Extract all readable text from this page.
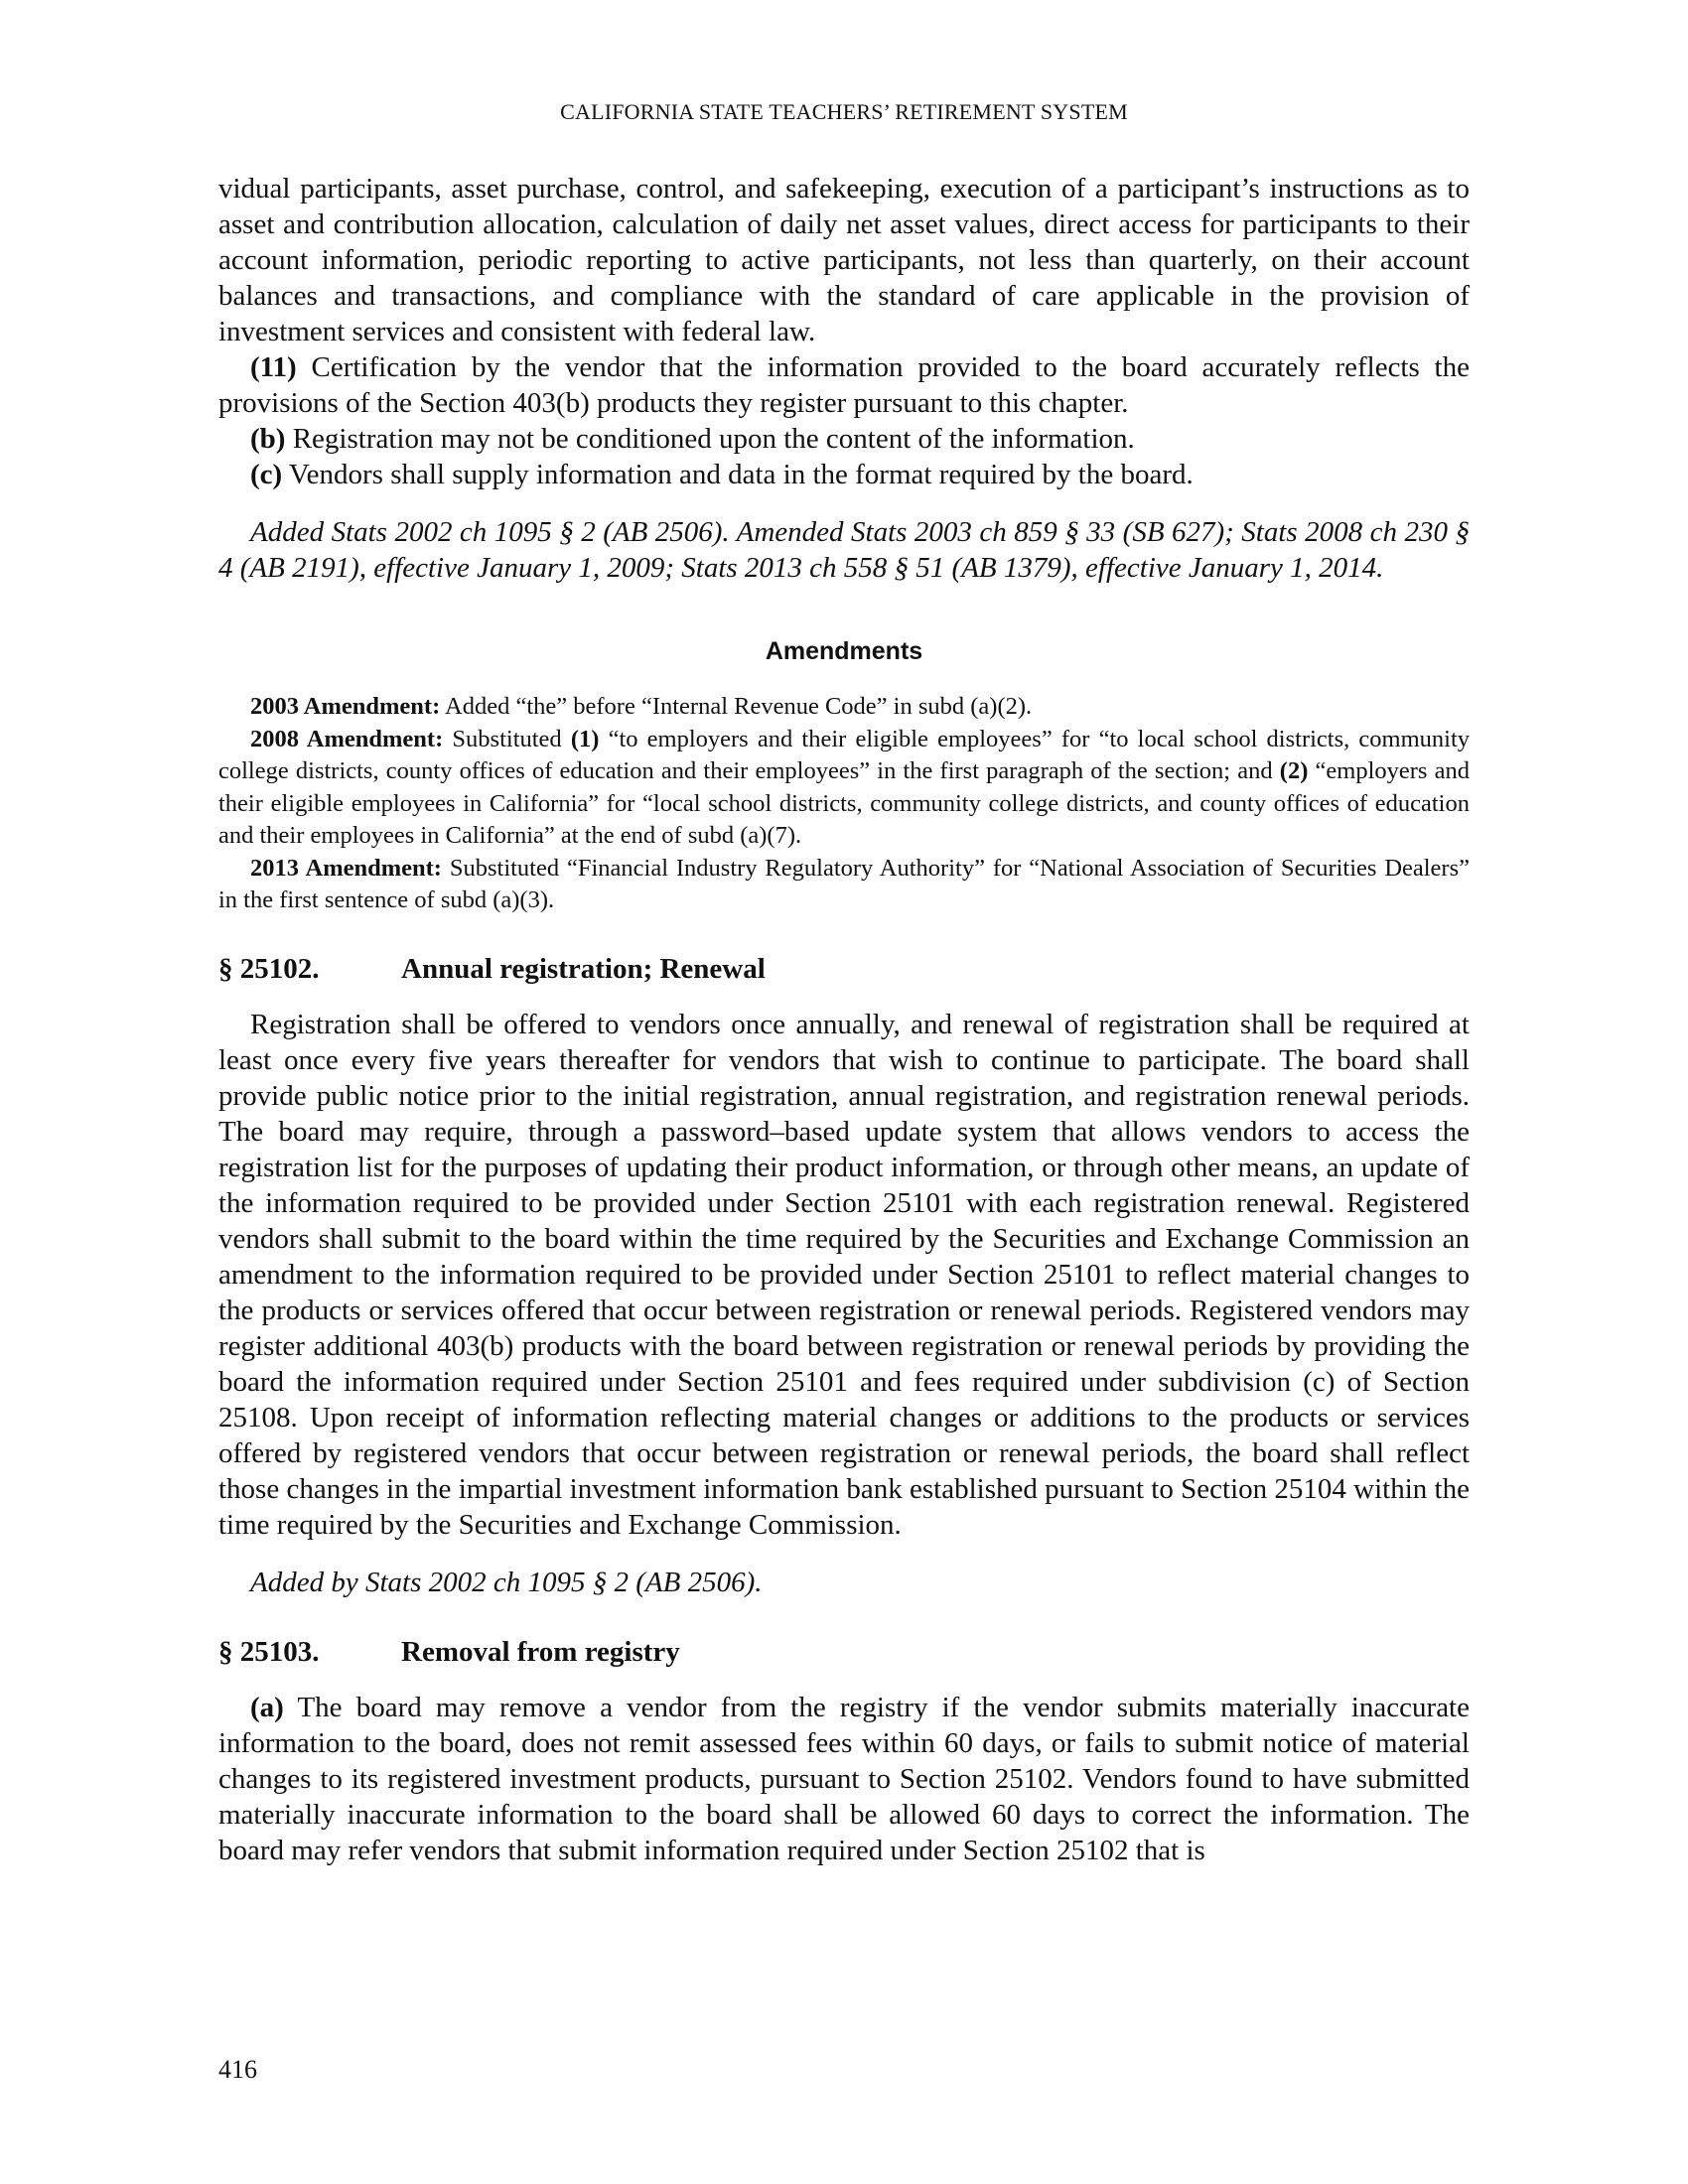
CALIFORNIA STATE TEACHERS’ RETIREMENT SYSTEM

vidual participants, asset purchase, control, and safekeeping, execution of a participant’s instructions as to asset and contribution allocation, calculation of daily net asset values, direct access for participants to their account information, periodic reporting to active participants, not less than quarterly, on their account balances and transactions, and compliance with the standard of care applicable in the provision of investment services and consistent with federal law.

(11) Certification by the vendor that the information provided to the board accurately reflects the provisions of the Section 403(b) products they register pursuant to this chapter.

(b) Registration may not be conditioned upon the content of the information.

(c) Vendors shall supply information and data in the format required by the board.

Added Stats 2002 ch 1095 § 2 (AB 2506). Amended Stats 2003 ch 859 § 33 (SB 627); Stats 2008 ch 230 § 4 (AB 2191), effective January 1, 2009; Stats 2013 ch 558 § 51 (AB 1379), effective January 1, 2014.

Amendments

2003 Amendment: Added “the” before “Internal Revenue Code” in subd (a)(2).

2008 Amendment: Substituted (1) “to employers and their eligible employees” for “to local school districts, community college districts, county offices of education and their employees” in the first paragraph of the section; and (2) “employers and their eligible employees in California” for “local school districts, community college districts, and county offices of education and their employees in California” at the end of subd (a)(7).

2013 Amendment: Substituted “Financial Industry Regulatory Authority” for “National Association of Securities Dealers” in the first sentence of subd (a)(3).

§ 25102.	Annual registration; Renewal

Registration shall be offered to vendors once annually, and renewal of registration shall be required at least once every five years thereafter for vendors that wish to continue to participate. The board shall provide public notice prior to the initial registration, annual registration, and registration renewal periods. The board may require, through a password–based update system that allows vendors to access the registration list for the purposes of updating their product information, or through other means, an update of the information required to be provided under Section 25101 with each registration renewal. Registered vendors shall submit to the board within the time required by the Securities and Exchange Commission an amendment to the information required to be provided under Section 25101 to reflect material changes to the products or services offered that occur between registration or renewal periods. Registered vendors may register additional 403(b) products with the board between registration or renewal periods by providing the board the information required under Section 25101 and fees required under subdivision (c) of Section 25108. Upon receipt of information reflecting material changes or additions to the products or services offered by registered vendors that occur between registration or renewal periods, the board shall reflect those changes in the impartial investment information bank established pursuant to Section 25104 within the time required by the Securities and Exchange Commission.

Added by Stats 2002 ch 1095 § 2 (AB 2506).

§ 25103.	Removal from registry

(a) The board may remove a vendor from the registry if the vendor submits materially inaccurate information to the board, does not remit assessed fees within 60 days, or fails to submit notice of material changes to its registered investment products, pursuant to Section 25102. Vendors found to have submitted materially inaccurate information to the board shall be allowed 60 days to correct the information. The board may refer vendors that submit information required under Section 25102 that is

416
